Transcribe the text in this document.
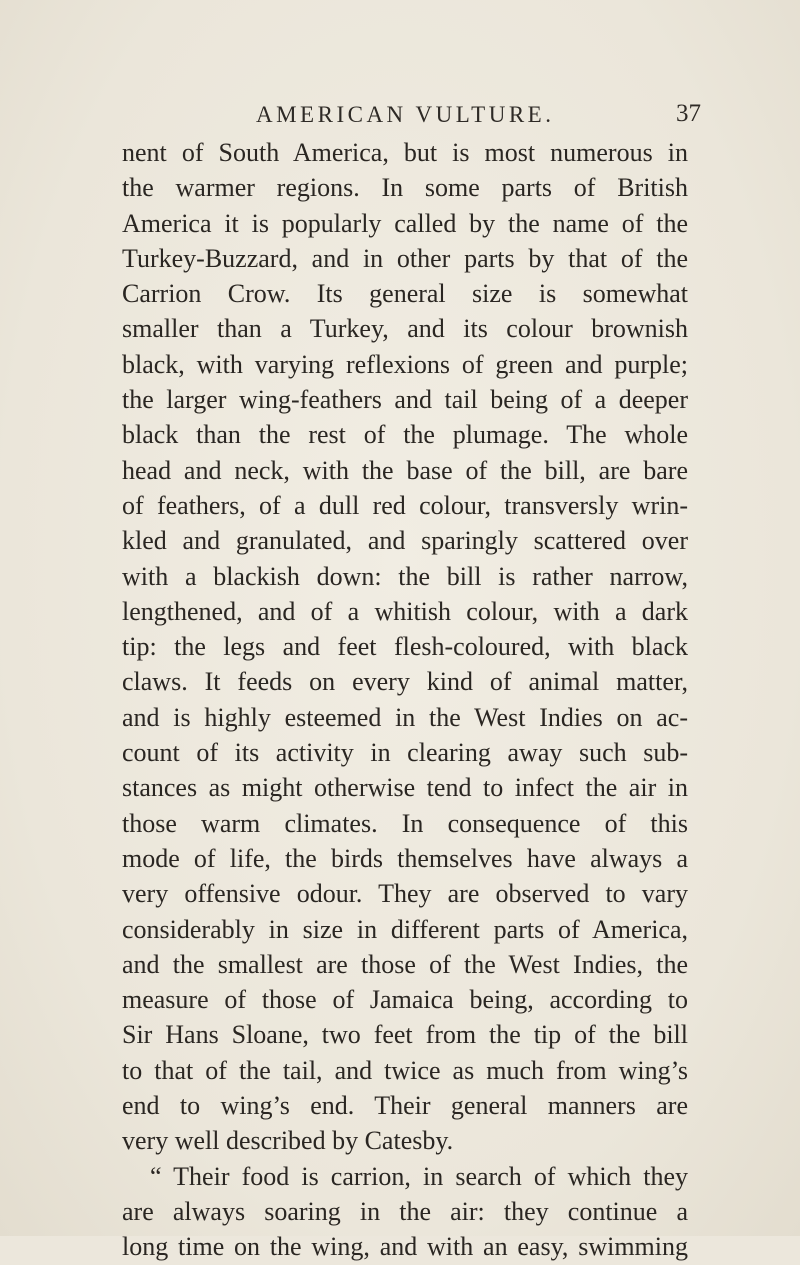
AMERICAN VULTURE.	37
nent of South America, but is most numerous in
the warmer regions. In some parts of British
America it is popularly called by the name of the
Turkey-Buzzard, and in other parts by that of the
Carrion Crow. Its general size is somewhat
smaller than a Turkey, and its colour brownish
black, with varying reflexions of green and purple;
the larger wing-feathers and tail being of a deeper
black than the rest of the plumage. The whole
head and neck, with the base of the bill, are bare
of feathers, of a dull red colour, transversly wrin-
kled and granulated, and sparingly scattered over
with a blackish down: the bill is rather narrow,
lengthened, and of a whitish colour, with a dark
tip: the legs and feet flesh-coloured, with black
claws. It feeds on every kind of animal matter,
and is highly esteemed in the West Indies on ac-
count of its activity in clearing away such sub-
stances as might otherwise tend to infect the air in
those warm climates. In consequence of this
mode of life, the birds themselves have always a
very offensive odour. They are observed to vary
considerably in size in different parts of America,
and the smallest are those of the West Indies, the
measure of those of Jamaica being, according to
Sir Hans Sloane, two feet from the tip of the bill
to that of the tail, and twice as much from wing’s
end to wing’s end. Their general manners are
very well described by Catesby.
“ Their food is carrion, in search of which they
are always soaring in the air: they continue a
long time on the wing, and with an easy, swimming
